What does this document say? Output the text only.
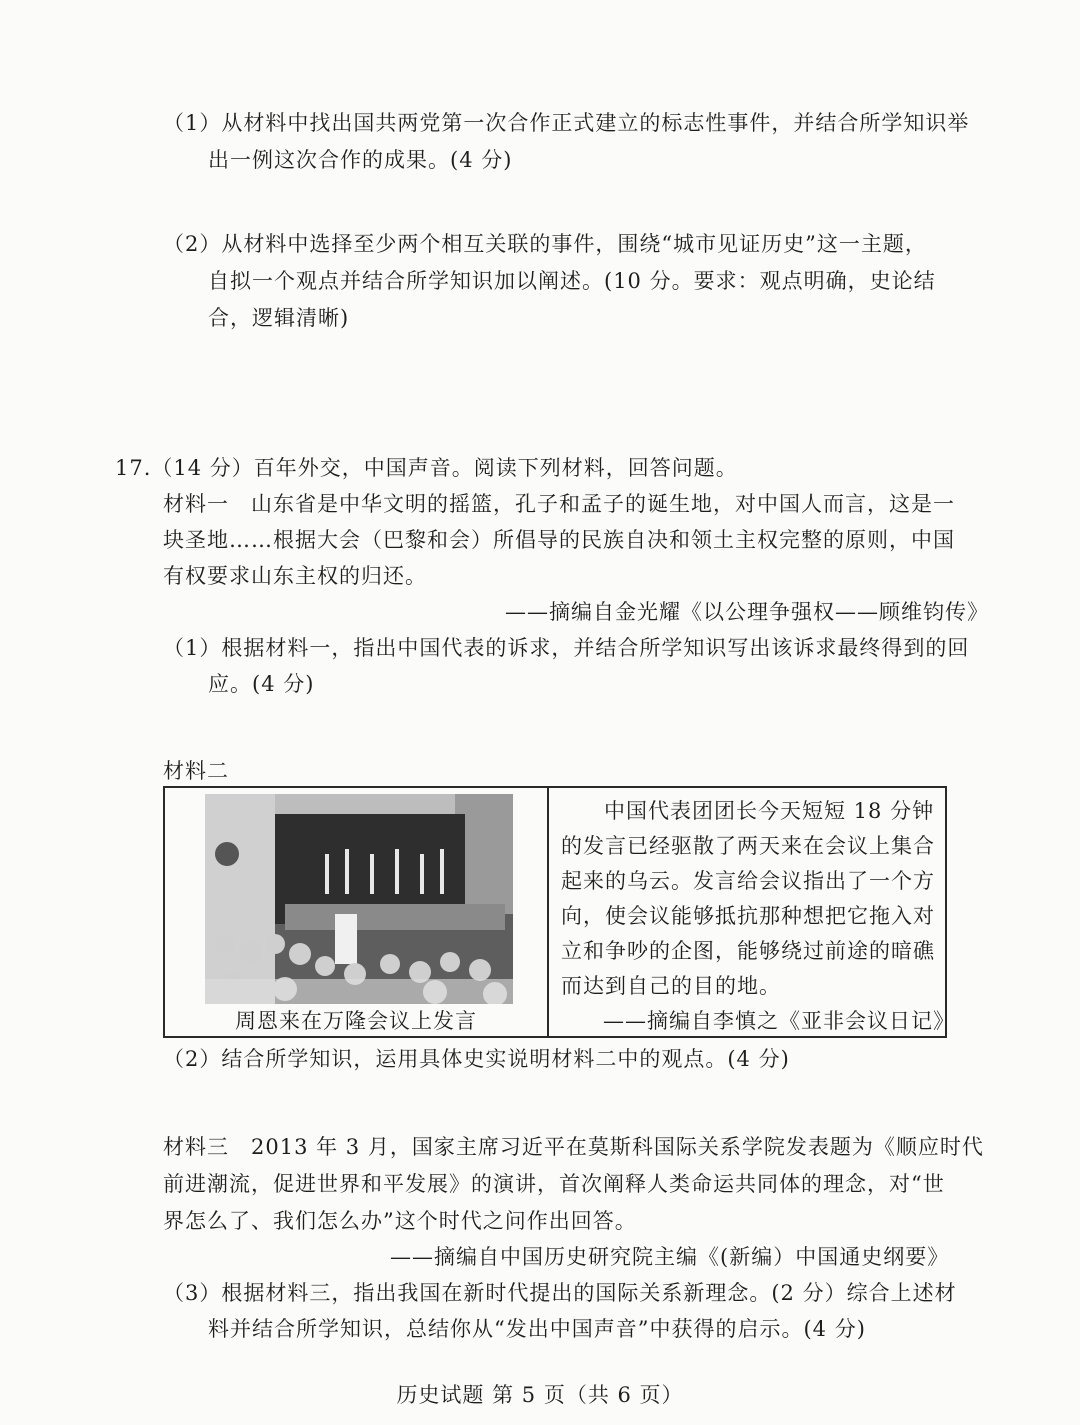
（1）从材料中找出国共两党第一次合作正式建立的标志性事件，并结合所学知识举
出一例这次合作的成果。(4 分)
（2）从材料中选择至少两个相互关联的事件，围绕“城市见证历史”这一主题，
自拟一个观点并结合所学知识加以阐述。(10 分。要求：观点明确，史论结
合，逻辑清晰)
17.（14 分）百年外交，中国声音。阅读下列材料，回答问题。
材料一　山东省是中华文明的摇篮，孔子和孟子的诞生地，对中国人而言，这是一
块圣地……根据大会（巴黎和会）所倡导的民族自决和领土主权完整的原则，中国
有权要求山东主权的归还。
——摘编自金光耀《以公理争强权——顾维钧传》
（1）根据材料一，指出中国代表的诉求，并结合所学知识写出该诉求最终得到的回
应。(4 分)
材料二
周恩来在万隆会议上发言
中国代表团团长今天短短 18 分钟
的发言已经驱散了两天来在会议上集合
起来的乌云。发言给会议指出了一个方
向，使会议能够抵抗那种想把它拖入对
立和争吵的企图，能够绕过前途的暗礁
而达到自己的目的地。
——摘编自李慎之《亚非会议日记》
（2）结合所学知识，运用具体史实说明材料二中的观点。(4 分)
材料三　2013 年 3 月，国家主席习近平在莫斯科国际关系学院发表题为《顺应时代
前进潮流，促进世界和平发展》的演讲，首次阐释人类命运共同体的理念，对“世
界怎么了、我们怎么办”这个时代之问作出回答。
——摘编自中国历史研究院主编《(新编）中国通史纲要》
（3）根据材料三，指出我国在新时代提出的国际关系新理念。(2 分）综合上述材
料并结合所学知识，总结你从“发出中国声音”中获得的启示。(4 分)
历史试题 第 5 页（共 6 页）
